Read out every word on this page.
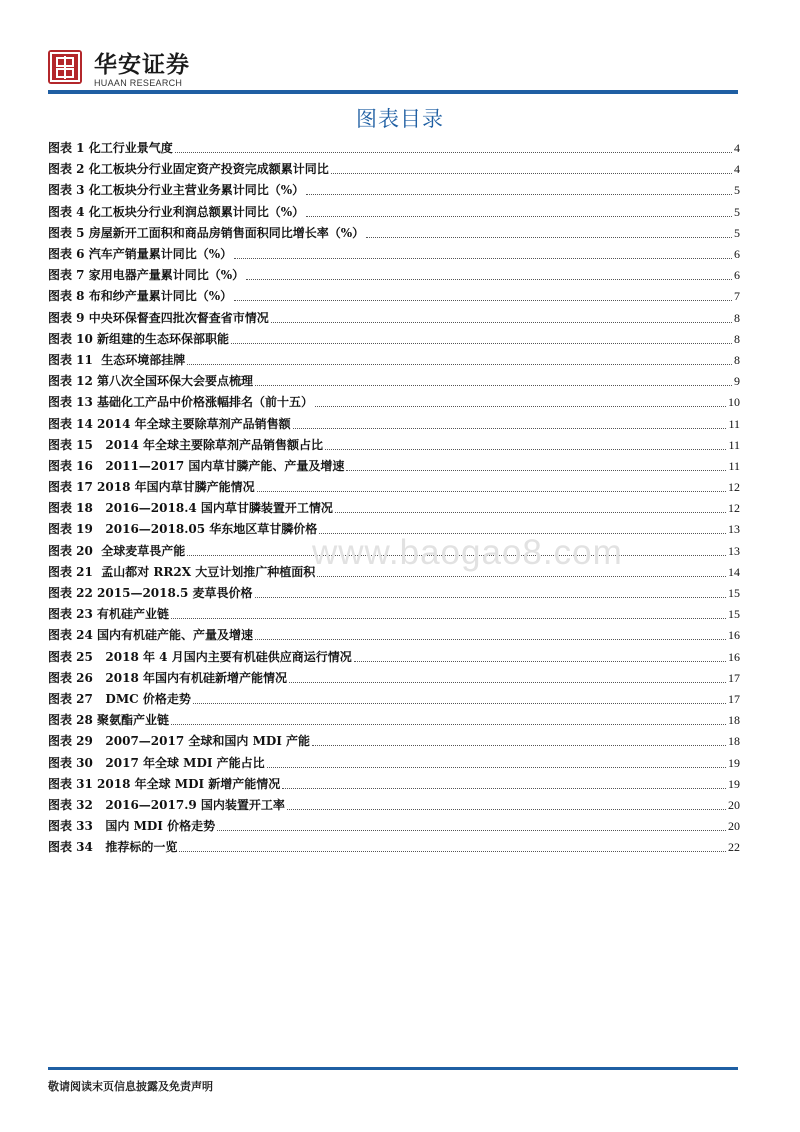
华安证券
HUAAN RESEARCH
图表目录
图表 1 化工行业景气度	4
图表 2 化工板块分行业固定资产投资完成额累计同比	4
图表 3 化工板块分行业主营业务累计同比（%）	5
图表 4 化工板块分行业利润总额累计同比（%）	5
图表 5 房屋新开工面积和商品房销售面积同比增长率（%）	5
图表 6 汽车产销量累计同比（%）	6
图表 7 家用电器产量累计同比（%）	6
图表 8 布和纱产量累计同比（%）	7
图表 9 中央环保督查四批次督查省市情况	8
图表 10 新组建的生态环保部职能	8
图表 11  生态环境部挂牌	8
图表 12 第八次全国环保大会要点梳理	9
图表 13 基础化工产品中价格涨幅排名（前十五）	10
图表 14 2014 年全球主要除草剂产品销售额	11
图表 15   2014 年全球主要除草剂产品销售额占比	11
图表 16   2011—2017 国内草甘膦产能、产量及增速	11
图表 17 2018 年国内草甘膦产能情况	12
图表 18   2016—2018.4 国内草甘膦装置开工情况	12
图表 19   2016—2018.05 华东地区草甘膦价格	13
图表 20  全球麦草畏产能	13
图表 21  孟山都对 RR2X 大豆计划推广种植面积	14
图表 22 2015—2018.5 麦草畏价格	15
图表 23 有机硅产业链	15
图表 24 国内有机硅产能、产量及增速	16
图表 25   2018 年 4 月国内主要有机硅供应商运行情况	16
图表 26   2018 年国内有机硅新增产能情况	17
图表 27   DMC 价格走势	17
图表 28 聚氨酯产业链	18
图表 29   2007—2017 全球和国内 MDI 产能	18
图表 30   2017 年全球 MDI 产能占比	19
图表 31 2018 年全球 MDI 新增产能情况	19
图表 32   2016—2017.9 国内装置开工率	20
图表 33   国内 MDI 价格走势	20
图表 34   推荐标的一览	22
www.baogao8.com
敬请阅读末页信息披露及免责声明
